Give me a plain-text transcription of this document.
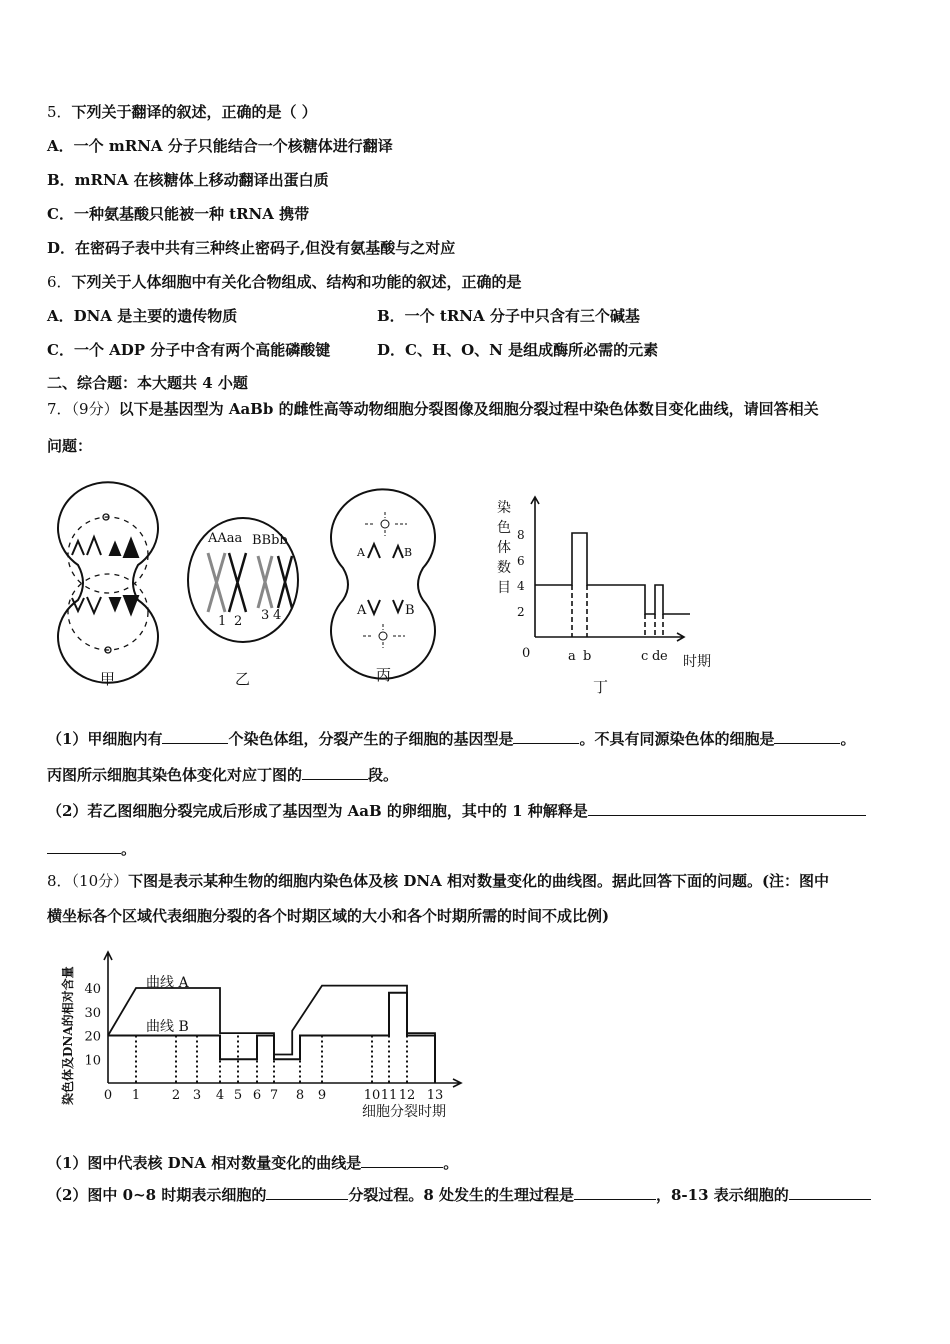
5．下列关于翻译的叙述，正确的是（ ）
A．一个 mRNA 分子只能结合一个核糖体进行翻译
B．mRNA 在核糖体上移动翻译出蛋白质
C．一种氨基酸只能被一种 tRNA 携带
D．在密码子表中共有三种终止密码子,但没有氨基酸与之对应
6．下列关于人体细胞中有关化合物组成、结构和功能的叙述，正确的是
A．DNA 是主要的遗传物质	B．一个 tRNA 分子中只含有三个碱基
C．一个 ADP 分子中含有两个高能磷酸键	D．C、H、O、N 是组成酶所必需的元素
二、综合题：本大题共 4 小题
7．（9分）以下是基因型为 AaBb 的雌性高等动物细胞分裂图像及细胞分裂过程中染色体数目变化曲线，请回答相关
问题：
AAaa BBbb
1 2 3 4
A	B
A	B
甲	乙	丙
染色体数目
2
4
6
8
0	a b	c d e 时期
丁
（1）甲细胞内有	个染色体组，分裂产生的子细胞的基因型是	。不具有同源染色体的细胞是	。
丙图所示细胞其染色体变化对应丁图的	段。
（2）若乙图细胞分裂完成后形成了基因型为 AaB 的卵细胞，其中的 1 种解释是
。
8．（10分）下图是表示某种生物的细胞内染色体及核 DNA 相对数量变化的曲线图。据此回答下面的问题。(注：图中
横坐标各个区域代表细胞分裂的各个时期区域的大小和各个时期所需的时间不成比例)
0 1 2 3 4 5 6 7 8 9	10 11 12 13
10
20
30
40	曲线 A
曲线 B
细胞分裂时期
染色体及DNA的相对含量
（1）图中代表核 DNA 相对数量变化的曲线是	。
（2）图中 0~8 时期表示细胞的	分裂过程。8 处发生的生理过程是	，8-13 表示细胞的
